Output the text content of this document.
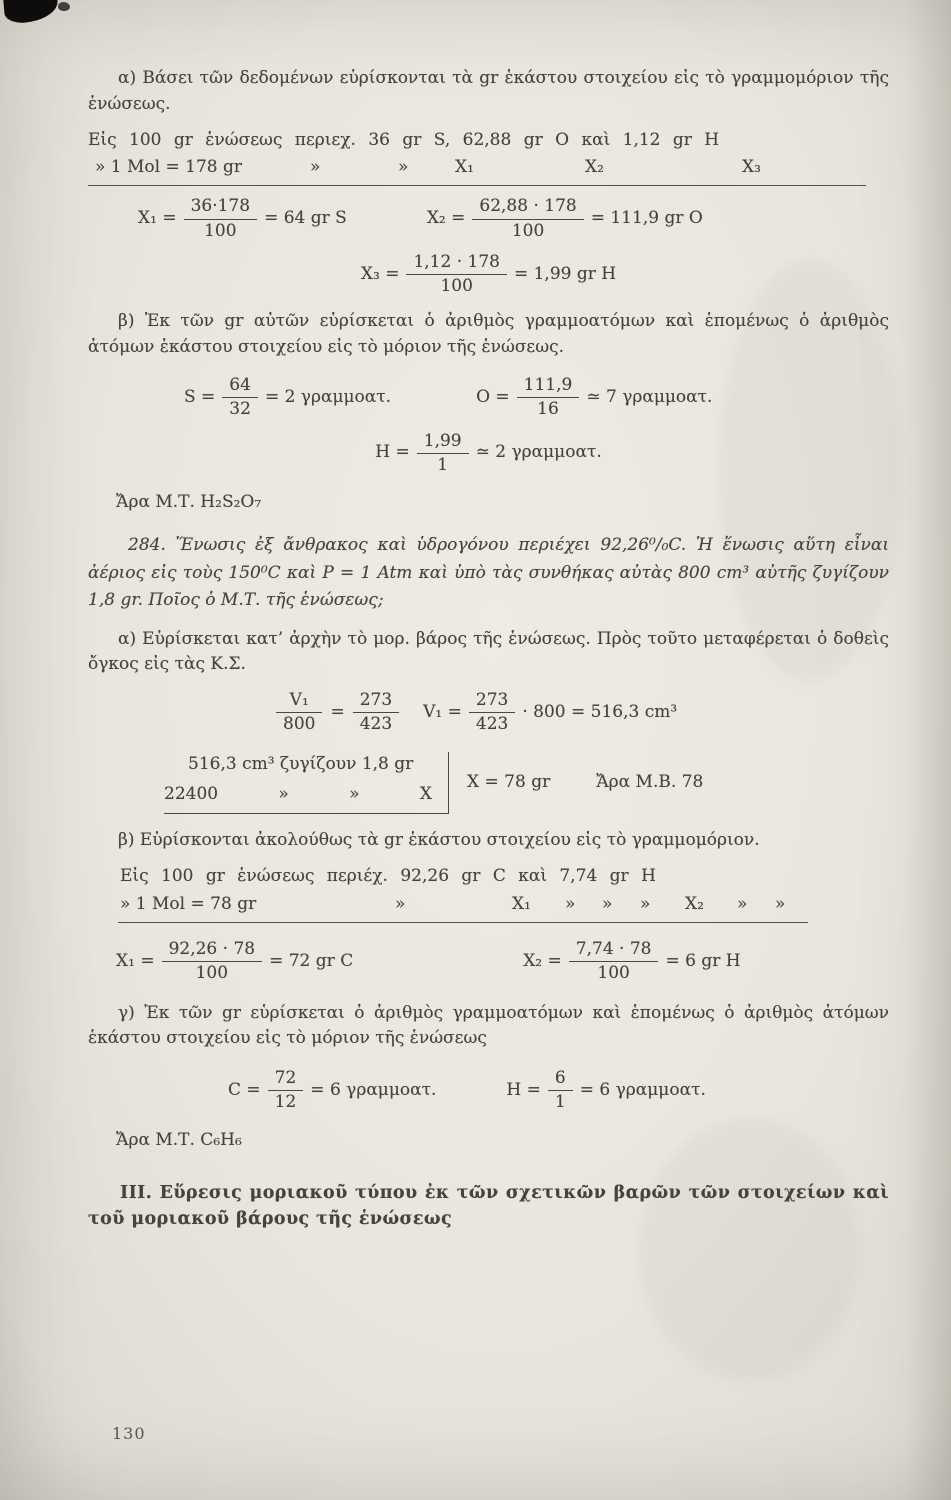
α) Βάσει τῶν δεδομένων εὑρίσκονται τὰ gr ἑκάστου στοιχείου εἰς τὸ γραμμομόριον τῆς ἑνώσεως.

Εἰς 100 gr ἑνώσεως περιεχ. 36 gr S, 62,88 gr O καὶ 1,12 gr H
» 1 Mol = 178 gr	»	»	X₁	X₂	X₃
$X_1 = \frac{36\cdot 178}{100} = 64$ gr S	$X_2 = \frac{62,88 \cdot 178}{100} = 111,9$ gr O
$X_3 = \frac{1,12 \cdot 178}{100} = 1,99$ gr H

β) Ἐκ τῶν gr αὐτῶν εὑρίσκεται ὁ ἀριθμὸς γραμμοατόμων καὶ ἑπομένως ὁ ἀριθμὸς ἀτόμων ἑκάστου στοιχείου εἰς τὸ μόριον τῆς ἑνώσεως.

$S = \frac{64}{32} = 2$ γραμμοατ.	$O = \frac{111,9}{16}$ ≃ 7 γραμμοατ.
$H = \frac{1,99}{1}$ ≃ 2 γραμμοατ.
Ἄρα Μ.Τ. H₂S₂O₇

284. Ἕνωσις ἐξ ἄνθρακος καὶ ὑδρογόνου περιέχει 92,26⁰/₀C. Ἡ ἕνωσις αὕτη εἶναι ἀέριος εἰς τοὺς 150⁰C καὶ P = 1 Atm καὶ ὑπὸ τὰς συνθήκας αὐτὰς 800 cm³ αὐτῆς ζυγίζουν 1,8 gr. Ποῖος ὁ Μ.Τ. τῆς ἑνώσεως;

α) Εὑρίσκεται κατ’ ἀρχὴν τὸ μορ. βάρος τῆς ἑνώσεως. Πρὸς τοῦτο μεταφέρεται ὁ δοθεὶς ὄγκος εἰς τὰς Κ.Σ.

$\frac{\text{V₁}}{800} = \frac{273}{423} V_1 = \frac{273}{423} \cdot 800 = 516,3$ cm³
516,3 cm³ ζυγίζουν 1,8 gr
22400	»	»	X
X = 78 gr	Ἄρα Μ.Β. 78

β) Εὑρίσκονται ἀκολούθως τὰ gr ἑκάστου στοιχείου εἰς τὸ γραμμομόριον.

Εἰς 100 gr ἑνώσεως περιέχ. 92,26 gr C καὶ 7,74 gr H
» 1 Mol = 78 gr	»	X₁ » » » X₂ » »
$X_1 = \frac{92,26 \cdot 78}{100} = 72$ gr C	$X_2 = \frac{7,74 \cdot 78}{100} = 6$ gr H

γ) Ἐκ τῶν gr εὑρίσκεται ὁ ἀριθμὸς γραμμοατόμων καὶ ἑπομένως ὁ ἀριθμὸς ἀτόμων ἑκάστου στοιχείου εἰς τὸ μόριον τῆς ἑνώσεως

$C = \frac{72}{12} = 6$ γραμμοατ.	$H = \frac{6}{1} = 6$ γραμμοατ.
Ἄρα Μ.Τ. C₆H₆

III. Εὕρεσις μοριακοῦ τύπου ἐκ τῶν σχετικῶν βαρῶν τῶν στοιχείων καὶ τοῦ μοριακοῦ βάρους τῆς ἑνώσεως

130
